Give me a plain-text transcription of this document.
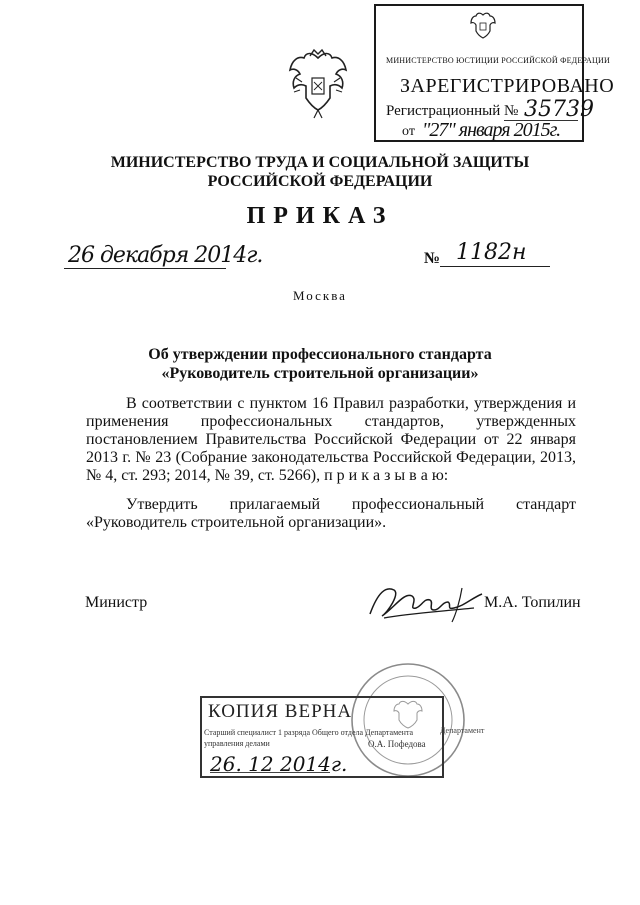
МИНИСТЕРСТВО ЮСТИЦИИ РОССИЙСКОЙ ФЕДЕРАЦИИ
ЗАРЕГИСТРИРОВАНО
Регистрационный № 35739
от "27" января 2015г.
МИНИСТЕРСТВО ТРУДА И СОЦИАЛЬНОЙ ЗАЩИТЫ
РОССИЙСКОЙ ФЕДЕРАЦИИ
ПРИКАЗ
26 декабря 2014г.	№ 1182н
Москва
Об утверждении профессионального стандарта
«Руководитель строительной организации»
В соответствии с пунктом 16 Правил разработки, утверждения и применения профессиональных стандартов, утвержденных постановлением Правительства Российской Федерации от 22 января 2013 г. № 23 (Собрание законодательства Российской Федерации, 2013, № 4, ст. 293; 2014, № 39, ст. 5266), п р и к а з ы в а ю:
Утвердить прилагаемый профессиональный стандарт «Руководитель строительной организации».
Министр	М.А. Топилин
КОПИЯ ВЕРНА
Старший специалист 1 разряда Общего отдела Департамента
управления делами	О.А. Пофедова
26. 12 2014г.
Департамент
